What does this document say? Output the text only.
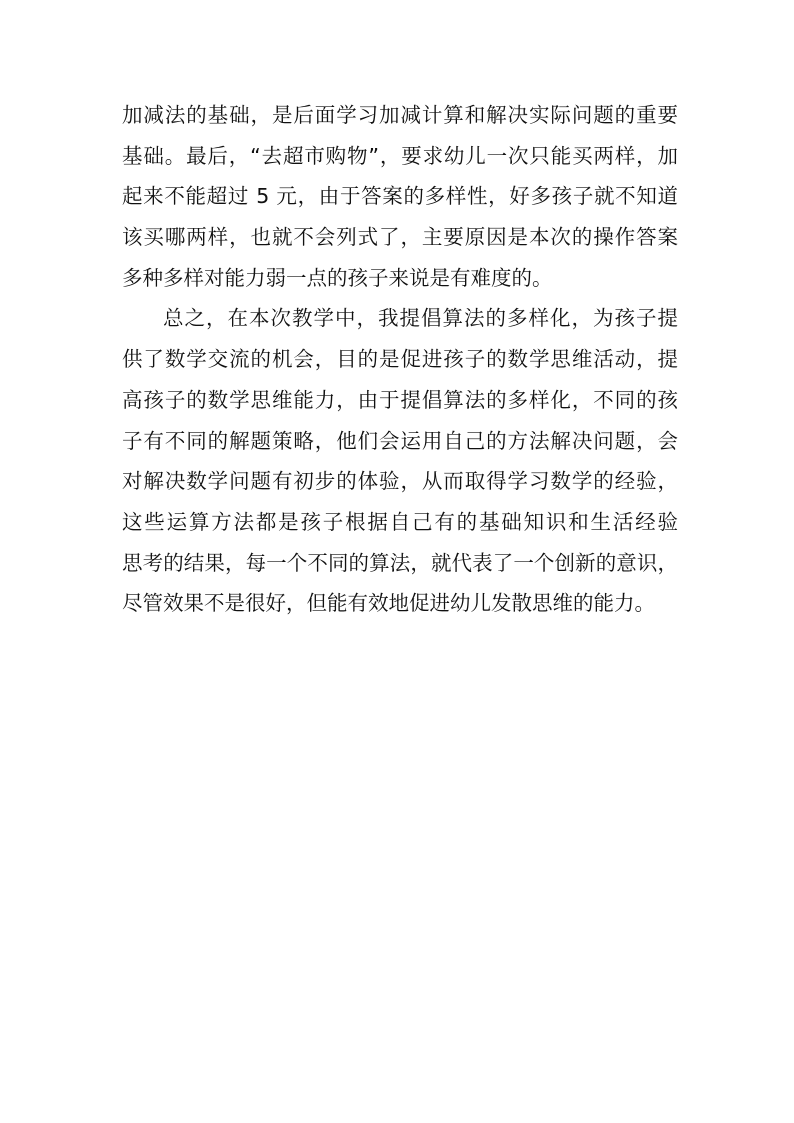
加减法的基础，是后面学习加减计算和解决实际问题的重要
基础。最后，“去超市购物”，要求幼儿一次只能买两样，加
起来不能超过 5 元，由于答案的多样性，好多孩子就不知道
该买哪两样，也就不会列式了，主要原因是本次的操作答案
多种多样对能力弱一点的孩子来说是有难度的。
总之，在本次教学中，我提倡算法的多样化，为孩子提
供了数学交流的机会，目的是促进孩子的数学思维活动，提
高孩子的数学思维能力，由于提倡算法的多样化，不同的孩
子有不同的解题策略，他们会运用自己的方法解决问题，会
对解决数学问题有初步的体验，从而取得学习数学的经验，
这些运算方法都是孩子根据自己有的基础知识和生活经验
思考的结果，每一个不同的算法，就代表了一个创新的意识，
尽管效果不是很好，但能有效地促进幼儿发散思维的能力。
